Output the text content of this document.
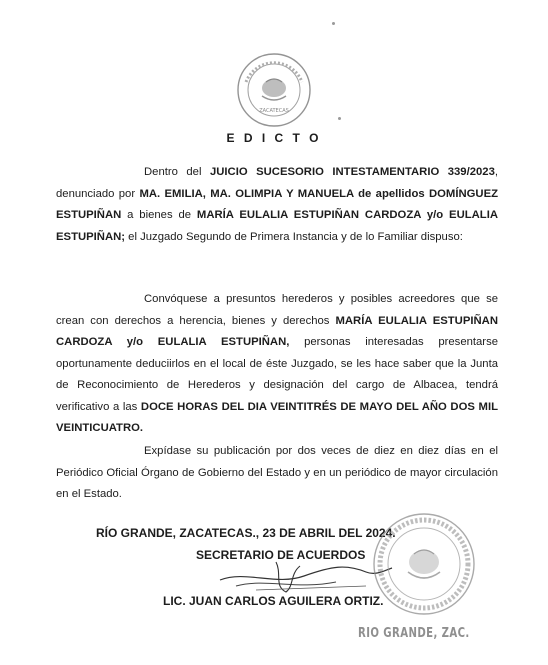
ZACATECAS
E D I C T O
Dentro del JUICIO SUCESORIO INTESTAMENTARIO 339/2023, denunciado por MA. EMILIA, MA. OLIMPIA Y MANUELA de apellidos DOMÍNGUEZ ESTUPIÑAN a bienes de MARÍA EULALIA ESTUPIÑAN CARDOZA y/o EULALIA ESTUPIÑAN; el Juzgado Segundo de Primera Instancia y de lo Familiar dispuso:
Convóquese a presuntos herederos y posibles acreedores que se crean con derechos a herencia, bienes y derechos MARÍA EULALIA ESTUPIÑAN CARDOZA y/o EULALIA ESTUPIÑAN, personas interesadas presentarse oportunamente deduciirlos en el local de éste Juzgado, se les hace saber que la Junta de Reconocimiento de Herederos y designación del cargo de Albacea, tendrá verificativo a las DOCE HORAS DEL DIA VEINTITRÉS DE MAYO DEL AÑO DOS MIL VEINTICUATRO.
Expídase su publicación por dos veces de diez en diez días en el Periódico Oficial Órgano de Gobierno del Estado y en un periódico de mayor circulación en el Estado.
RÍO GRANDE, ZACATECAS., 23 DE ABRIL DEL 2024.
SECRETARIO DE ACUERDOS
LIC. JUAN CARLOS AGUILERA ORTIZ.
RIO GRANDE, ZAC.
